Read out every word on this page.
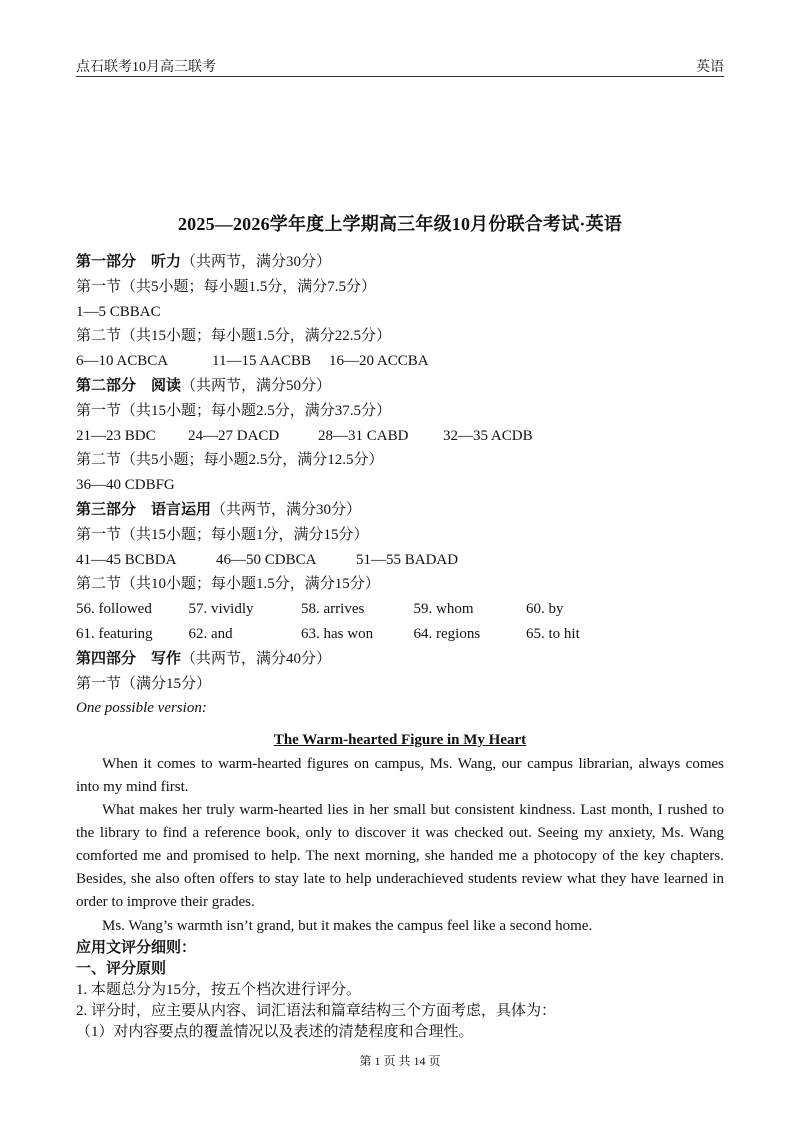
点石联考10月高三联考	英语
2025—2026学年度上学期高三年级10月份联合考试·英语
第一部分　听力（共两节，满分30分）
第一节（共5小题；每小题1.5分，满分7.5分）
1—5 CBBAC
第二节（共15小题；每小题1.5分，满分22.5分）
6—10 ACBCA	11—15 AACBB 16—20 ACCBA
第二部分　阅读（共两节，满分50分）
第一节（共15小题；每小题2.5分，满分37.5分）
21—23 BDC 24—27 DACD	28—31 CABD 32—35 ACDB
第二节（共5小题；每小题2.5分，满分12.5分）
36—40 CDBFG
第三部分　语言运用（共两节，满分30分）
第一节（共15小题；每小题1分，满分15分）
41—45 BCBDA	46—50 CDBCA	51—55 BADAD
第二节（共10小题；每小题1.5分，满分15分）
56. followed 57. vividly	58. arrives	59. whom	60. by
61. featuring 62. and	63. has won	64. regions	65. to hit
第四部分　写作（共两节，满分40分）
第一节（满分15分）
One possible version:
The Warm-hearted Figure in My Heart

When it comes to warm-hearted figures on campus, Ms. Wang, our campus librarian, always comes into my mind first.

What makes her truly warm-hearted lies in her small but consistent kindness. Last month, I rushed to the library to find a reference book, only to discover it was checked out. Seeing my anxiety, Ms. Wang comforted me and promised to help. The next morning, she handed me a photocopy of the key chapters. Besides, she also often offers to stay late to help underachieved students review what they have learned in order to improve their grades.

Ms. Wang’s warmth isn’t grand, but it makes the campus feel like a second home.

应用文评分细则：
一、评分原则
1. 本题总分为15分，按五个档次进行评分。
2. 评分时，应主要从内容、词汇语法和篇章结构三个方面考虑，具体为：
（1）对内容要点的覆盖情况以及表述的清楚程度和合理性。
第 1 页 共 14 页
